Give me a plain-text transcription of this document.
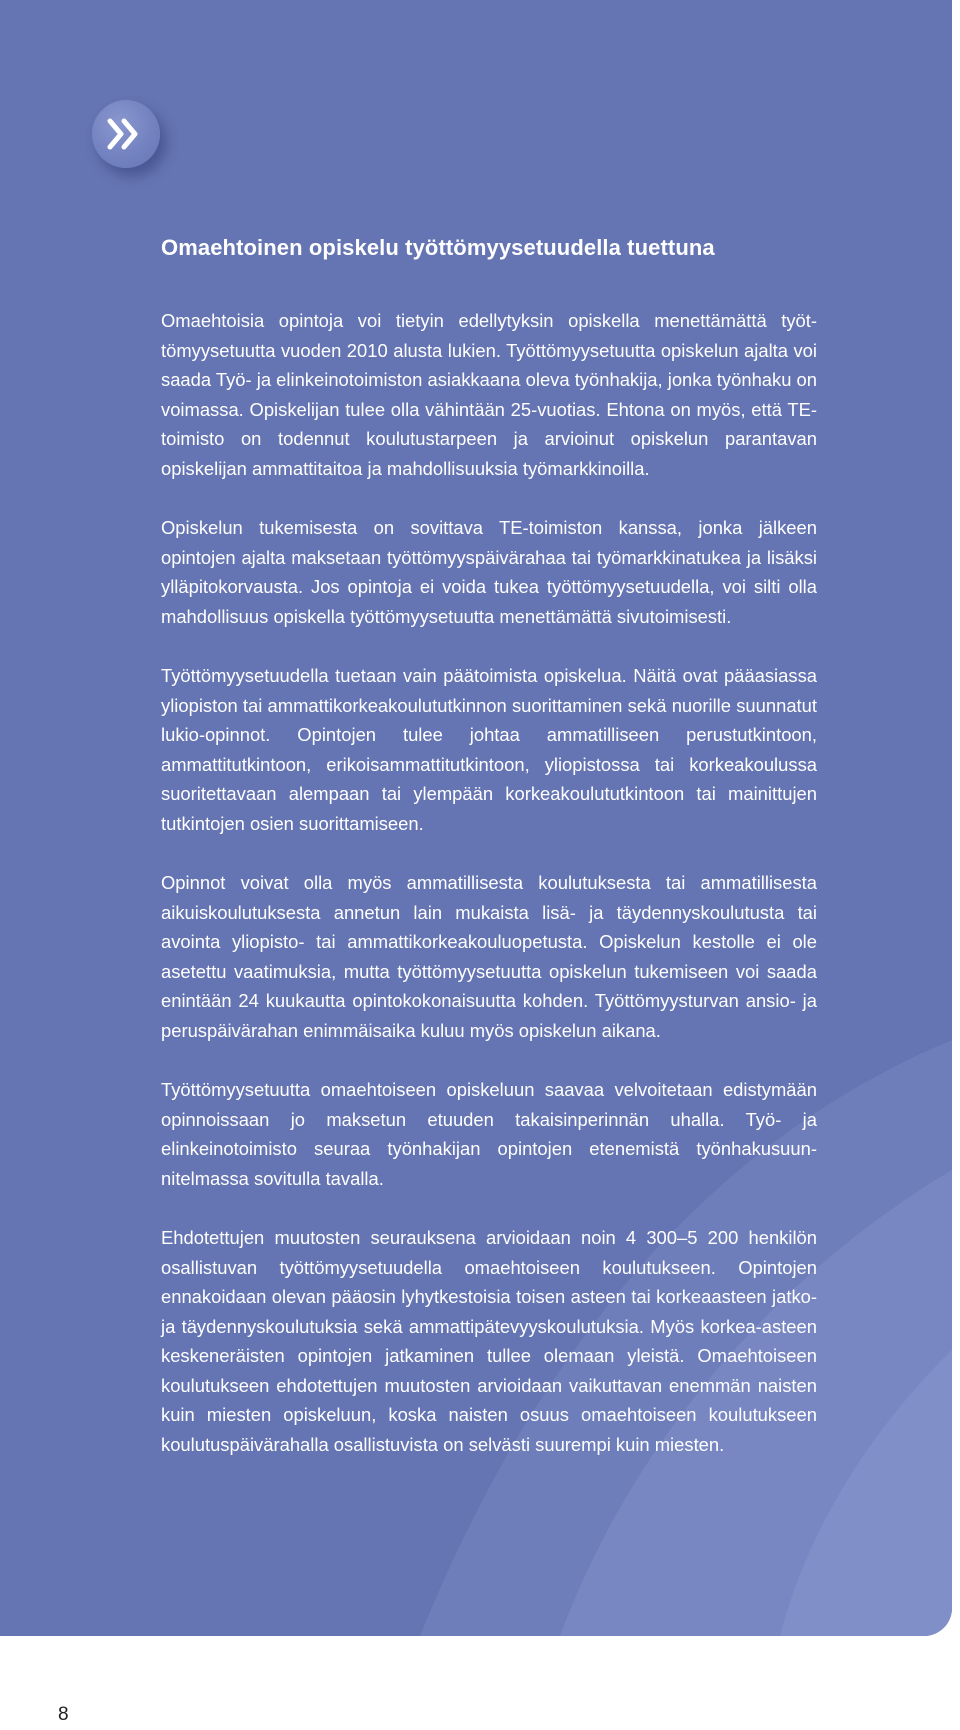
Omaehtoinen opiskelu työttömyysetuudella tuettuna

Omaehtoisia opintoja voi tietyin edellytyksin opiskella menettämättä työttömyysetuutta vuoden 2010 alusta lukien. Työttömyysetuutta opiskelun ajalta voi saada Työ- ja elinkeinotoimiston asiakkaana oleva työnhakija, jonka työnhaku on voimassa. Opiskelijan tulee olla vähintään 25-vuotias. Ehtona on myös, että TE-toimisto on todennut koulutustarpeen ja arvioinut opiskelun parantavan opiskelijan ammattitaitoa ja mahdollisuuksia työmarkkinoilla.

Opiskelun tukemisesta on sovittava TE-toimiston kanssa, jonka jälkeen opintojen ajalta maksetaan työttömyyspäivärahaa tai työmarkkinatukea ja lisäksi ylläpitokorvausta. Jos opintoja ei voida tukea työttömyysetuudella, voi silti olla mahdollisuus opiskella työttömyysetuutta menettämättä sivutoimisesti.

Työttömyysetuudella tuetaan vain päätoimista opiskelua. Näitä ovat pääasiassa yliopiston tai ammattikorkeakoulututkinnon suorittaminen sekä nuorille suunnatut lukio-opinnot. Opintojen tulee johtaa ammatilliseen perustutkintoon, ammattitutkintoon, erikoisammattitutkintoon, yliopistossa tai korkeakoulussa suoritettavaan alempaan tai ylempään korkeakoulututkintoon tai mainittujen tutkintojen osien suorittamiseen.

Opinnot voivat olla myös ammatillisesta koulutuksesta tai ammatillisesta aikuiskoulutuksesta annetun lain mukaista lisä- ja täydennyskoulutusta tai avointa yliopisto- tai ammattikorkeakouluopetusta. Opiskelun kestolle ei ole asetettu vaatimuksia, mutta työttömyysetuutta opiskelun tukemiseen voi saada enintään 24 kuukautta opintokokonaisuutta kohden. Työttömyysturvan ansio- ja peruspäivärahan enimmäisaika kuluu myös opiskelun aikana.

Työttömyysetuutta omaehtoiseen opiskeluun saavaa velvoitetaan edistymään opinnoissaan jo maksetun etuuden takaisinperinnän uhalla. Työ- ja elinkeinotoimisto seuraa työnhakijan opintojen etenemistä työnhakusuunnitelmassa sovitulla tavalla.

Ehdotettujen muutosten seurauksena arvioidaan noin 4 300–5 200 henkilön osallistuvan työttömyysetuudella omaehtoiseen koulutukseen. Opintojen ennakoidaan olevan pääosin lyhytkestoisia toisen asteen tai korkeaasteen jatko- ja täydennyskoulutuksia sekä ammattipätevyyskoulutuksia. Myös korkea-asteen keskeneräisten opintojen jatkaminen tullee olemaan yleistä. Omaehtoiseen koulutukseen ehdotettujen muutosten arvioidaan vaikuttavan enemmän naisten kuin miesten opiskeluun, koska naisten osuus omaehtoiseen koulutukseen koulutuspäivärahalla osallistuvista on selvästi suurempi kuin miesten.

8
